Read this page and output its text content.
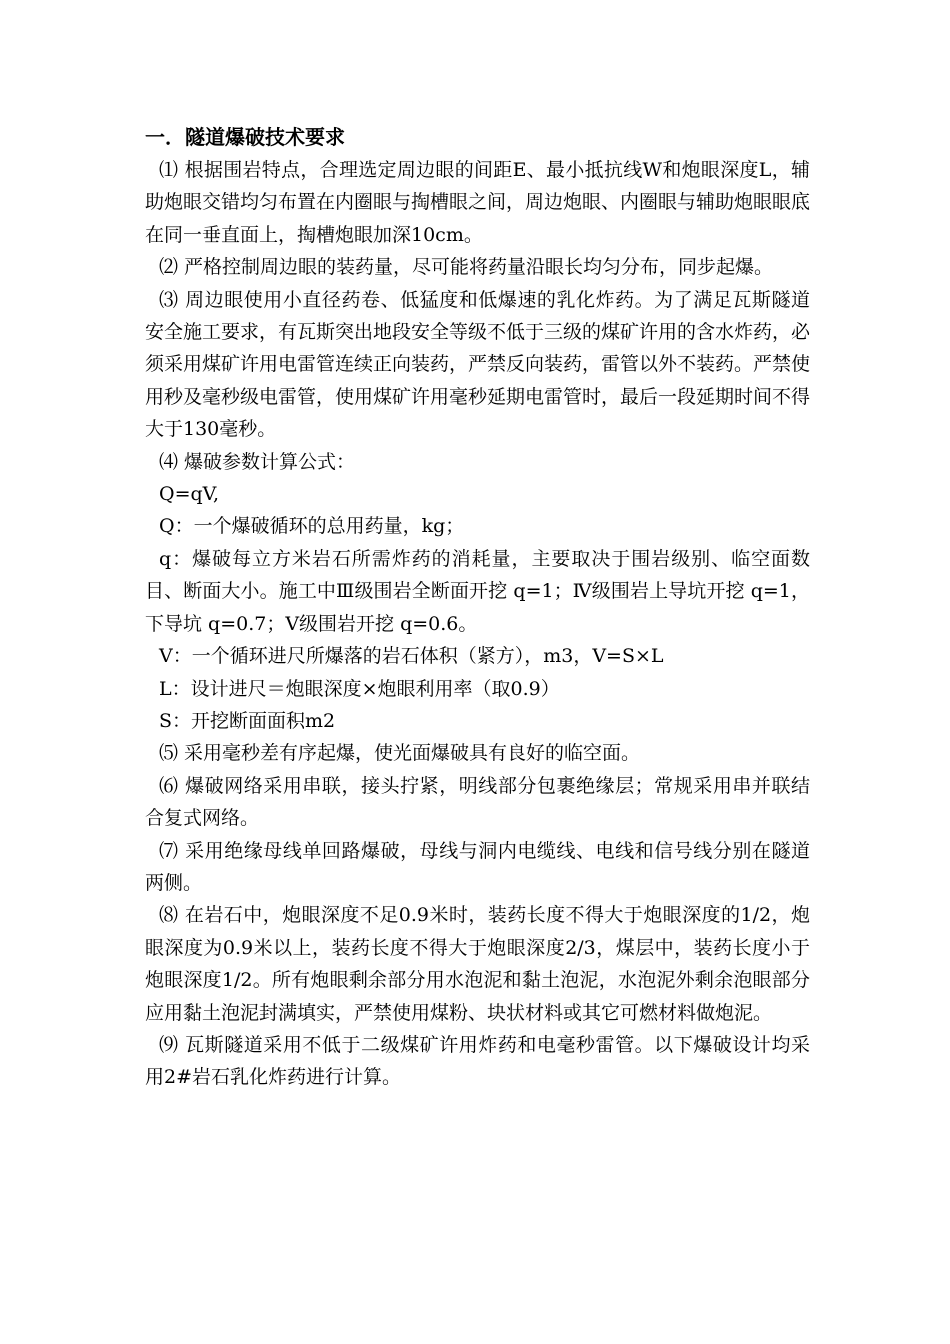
一．隧道爆破技术要求

⑴ 根据围岩特点，合理选定周边眼的间距E、最小抵抗线W和炮眼深度L，辅助炮眼交错均匀布置在内圈眼与掏槽眼之间，周边炮眼、内圈眼与辅助炮眼眼底在同一垂直面上，掏槽炮眼加深10cm。

⑵ 严格控制周边眼的装药量，尽可能将药量沿眼长均匀分布，同步起爆。

⑶ 周边眼使用小直径药卷、低猛度和低爆速的乳化炸药。为了满足瓦斯隧道安全施工要求，有瓦斯突出地段安全等级不低于三级的煤矿许用的含水炸药，必须采用煤矿许用电雷管连续正向装药，严禁反向装药，雷管以外不装药。严禁使用秒及毫秒级电雷管，使用煤矿许用毫秒延期电雷管时，最后一段延期时间不得大于130毫秒。

⑷ 爆破参数计算公式：

Q=qV,

Q：一个爆破循环的总用药量，kg；

q：爆破每立方米岩石所需炸药的消耗量，主要取决于围岩级别、临空面数目、断面大小。施工中Ⅲ级围岩全断面开挖 q=1；Ⅳ级围岩上导坑开挖 q=1，下导坑 q=0.7；Ⅴ级围岩开挖 q=0.6。

V：一个循环进尺所爆落的岩石体积（紧方），m3，V=S×L

L：设计进尺＝炮眼深度×炮眼利用率（取0.9）

S：开挖断面面积m2

⑸ 采用毫秒差有序起爆，使光面爆破具有良好的临空面。

⑹ 爆破网络采用串联，接头拧紧，明线部分包裹绝缘层；常规采用串并联结合复式网络。

⑺ 采用绝缘母线单回路爆破，母线与洞内电缆线、电线和信号线分别在隧道两侧。

⑻ 在岩石中，炮眼深度不足0.9米时，装药长度不得大于炮眼深度的1/2，炮眼深度为0.9米以上，装药长度不得大于炮眼深度2/3，煤层中，装药长度小于炮眼深度1/2。所有炮眼剩余部分用水泡泥和黏土泡泥，水泡泥外剩余泡眼部分应用黏土泡泥封满填实，严禁使用煤粉、块状材料或其它可燃材料做炮泥。

⑼ 瓦斯隧道采用不低于二级煤矿许用炸药和电毫秒雷管。以下爆破设计均采用2#岩石乳化炸药进行计算。
